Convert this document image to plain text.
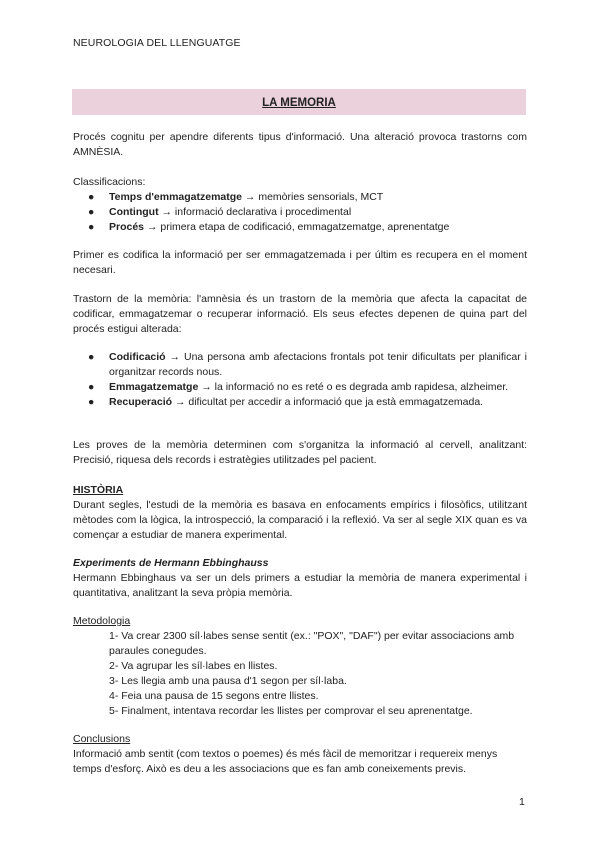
NEUROLOGIA DEL LLENGUATGE
LA MEMORIA
Procés cognitu per apendre diferents tipus d'informació. Una alteració provoca trastorns com AMNÈSIA.
Classificacions:
● Temps d'emmagatzematge → memòries sensorials, MCT
● Contingut → informació declarativa i procedimental
● Procés → primera etapa de codificació, emmagatzematge, aprenentatge
Primer es codifica la informació per ser emmagatzemada i per últim es recupera en el moment necesari.
Trastorn de la memòria: l'amnèsia és un trastorn de la memòria que afecta la capacitat de codificar, emmagatzemar o recuperar informació. Els seus efectes depenen de quina part del procés estigui alterada:
● Codificació → Una persona amb afectacions frontals pot tenir dificultats per planificar i organitzar records nous.
● Emmagatzematge → la informació no es reté o es degrada amb rapidesa, alzheimer.
● Recuperació → dificultat per accedir a informació que ja està emmagatzemada.
Les proves de la memòria determinen com s'organitza la informació al cervell, analitzant: Precisió, riquesa dels records i estratègies utilitzades pel pacient.
HISTÒRIA
Durant segles, l'estudi de la memòria es basava en enfocaments empírics i filosòfics, utilitzant mètodes com la lògica, la introspecció, la comparació i la reflexió. Va ser al segle XIX quan es va començar a estudiar de manera experimental.
Experiments de Hermann Ebbinghauss
Hermann Ebbinghaus va ser un dels primers a estudiar la memòria de manera experimental i quantitativa, analitzant la seva pròpia memòria.
Metodologia
1- Va crear 2300 síl·labes sense sentit (ex.: "POX", "DAF") per evitar associacions amb paraules conegudes.
2- Va agrupar les síl·labes en llistes.
3- Les llegia amb una pausa d'1 segon per síl·laba.
4- Feia una pausa de 15 segons entre llistes.
5- Finalment, intentava recordar les llistes per comprovar el seu aprenentatge.
Conclusions
Informació amb sentit (com textos o poemes) és més fàcil de memoritzar i requereix menys temps d'esforç. Això es deu a les associacions que es fan amb coneixements previs.
1
